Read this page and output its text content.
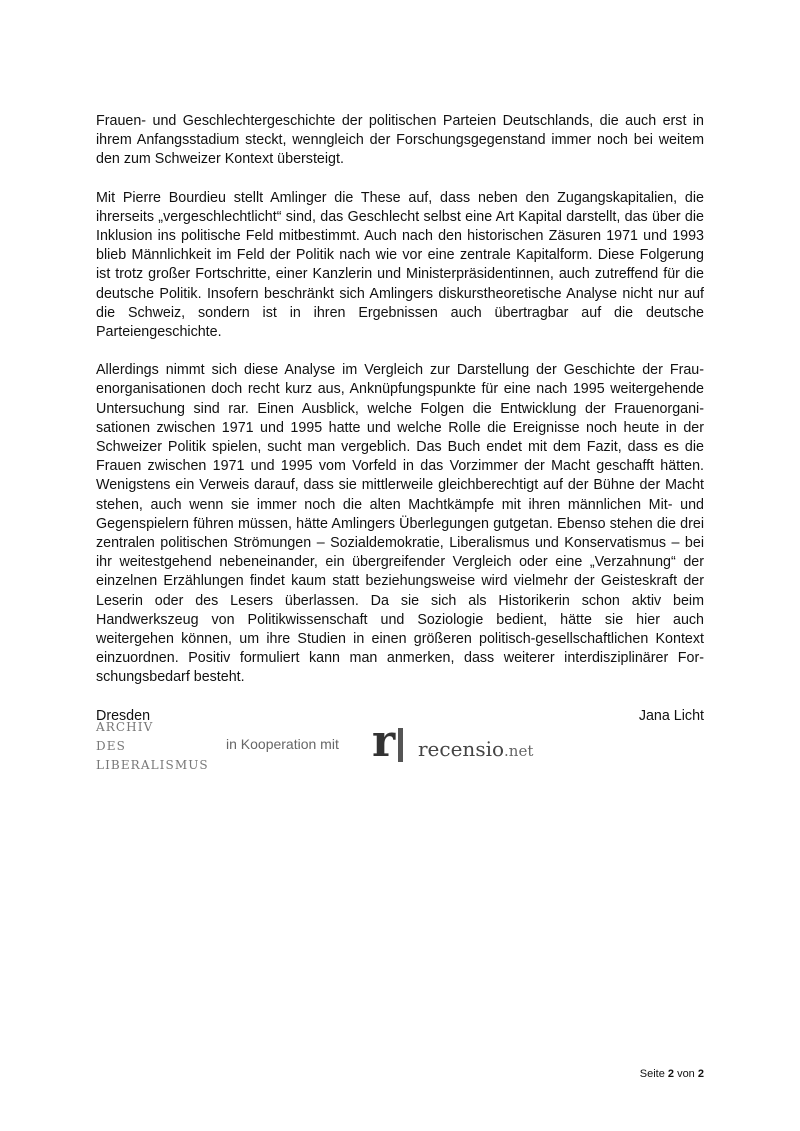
Frauen- und Geschlechtergeschichte der politischen Parteien Deutschlands, die auch erst in ihrem Anfangsstadium steckt, wenngleich der Forschungsgegenstand immer noch bei weitem den zum Schweizer Kontext übersteigt.

Mit Pierre Bourdieu stellt Amlinger die These auf, dass neben den Zugangskapitalien, die ihrerseits „vergeschlechtlicht“ sind, das Geschlecht selbst eine Art Kapital darstellt, das über die Inklusion ins politische Feld mitbestimmt. Auch nach den historischen Zäsuren 1971 und 1993 blieb Männlichkeit im Feld der Politik nach wie vor eine zentrale Kapitalform. Diese Folgerung ist trotz großer Fortschritte, einer Kanzlerin und Ministerpräsidentinnen, auch zutreffend für die deutsche Politik. Insofern beschränkt sich Amlingers diskurstheoretische Analyse nicht nur auf die Schweiz, sondern ist in ihren Ergebnissen auch übertragbar auf die deutsche Parteiengeschichte.

Allerdings nimmt sich diese Analyse im Vergleich zur Darstellung der Geschichte der Frauenorganisationen doch recht kurz aus, Anknüpfungspunkte für eine nach 1995 weitergehende Untersuchung sind rar. Einen Ausblick, welche Folgen die Entwicklung der Frauenorganisationen zwischen 1971 und 1995 hatte und welche Rolle die Ereignisse noch heute in der Schweizer Politik spielen, sucht man vergeblich. Das Buch endet mit dem Fazit, dass es die Frauen zwischen 1971 und 1995 vom Vorfeld in das Vorzimmer der Macht geschafft hätten. Wenigstens ein Verweis darauf, dass sie mittlerweile gleichberechtigt auf der Bühne der Macht stehen, auch wenn sie immer noch die alten Machtkämpfe mit ihren männlichen Mit- und Gegenspielern führen müssen, hätte Amlingers Überlegungen gutgetan. Ebenso stehen die drei zentralen politischen Strömungen – Sozialdemokratie, Liberalismus und Konservatismus – bei ihr weitestgehend nebeneinander, ein übergreifender Vergleich oder eine „Verzahnung“ der einzelnen Erzählungen findet kaum statt beziehungsweise wird vielmehr der Geisteskraft der Leserin oder des Lesers überlassen. Da sie sich als Historikerin schon aktiv beim Handwerkszeug von Politikwissenschaft und Soziologie bedient, hätte sie hier auch weitergehen können, um ihre Studien in einen größeren politisch-gesellschaftlichen Kontext einzuordnen. Positiv formuliert kann man anmerken, dass weiterer interdisziplinärer Forschungsbedarf besteht.

Dresden	Jana Licht
ARCHIV
DES
LIBERALISMUS
in Kooperation mit r recensio.net
Seite 2 von 2
